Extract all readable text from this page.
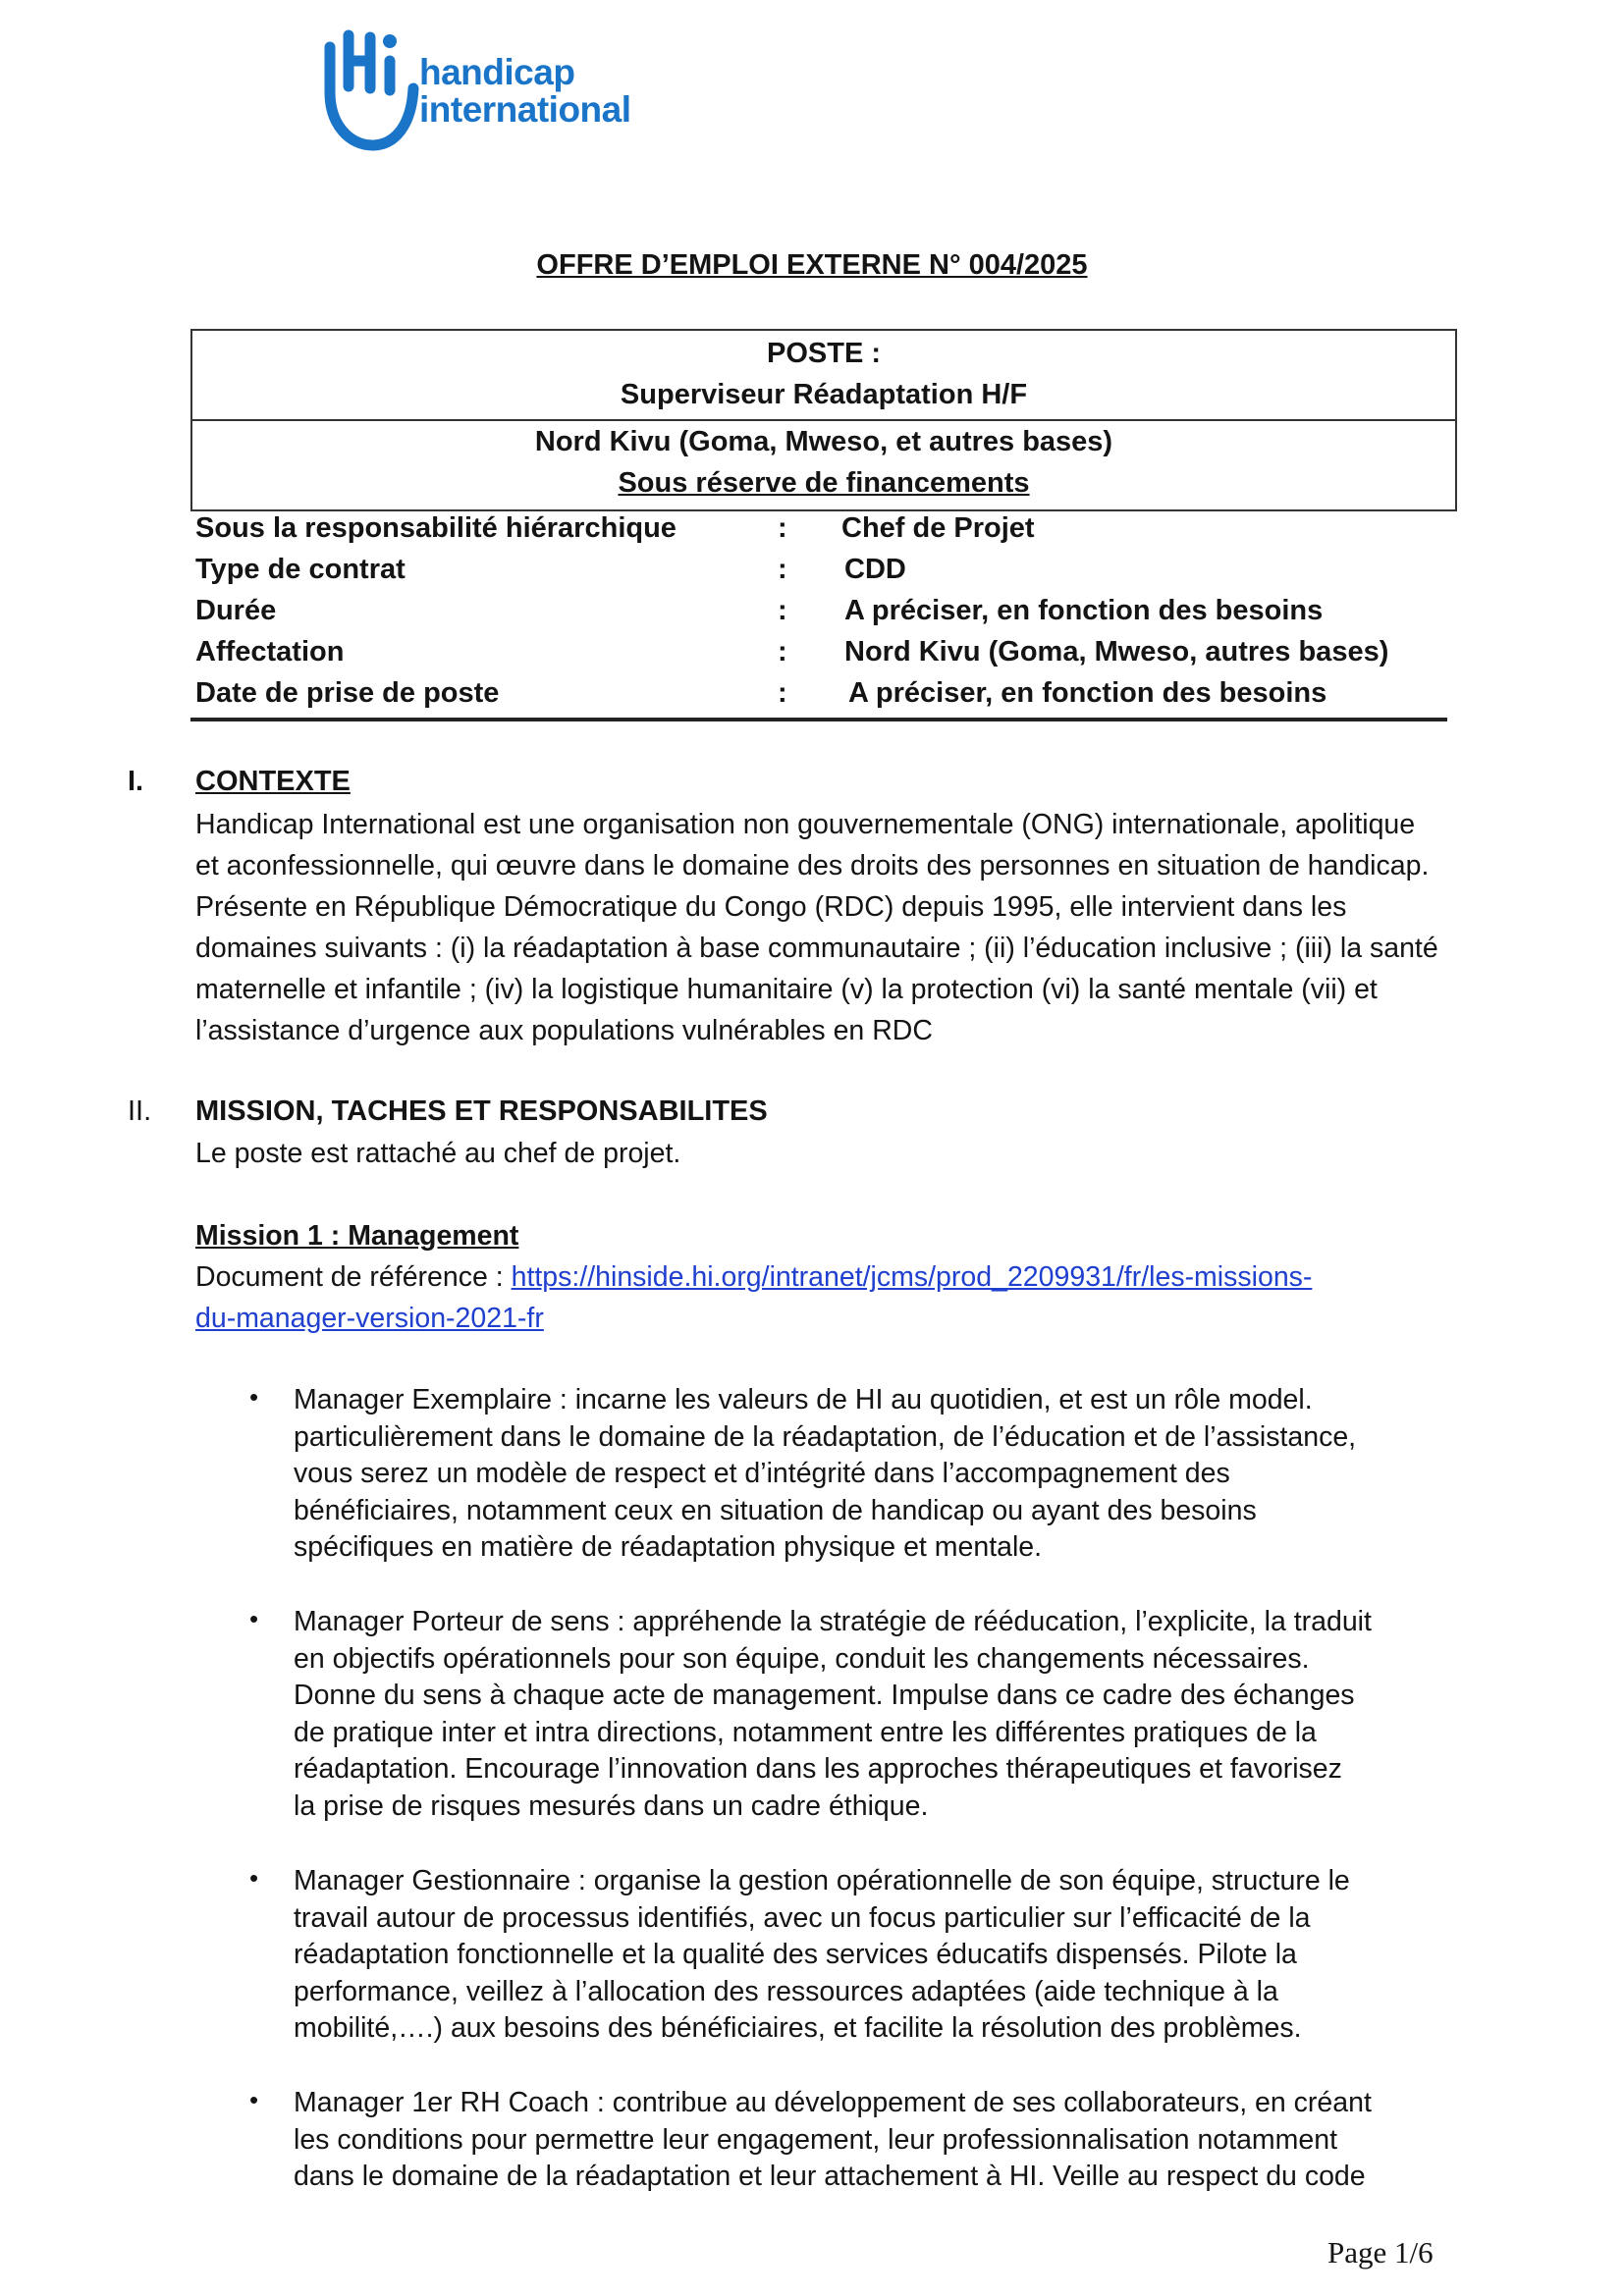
handicap
international
OFFRE D’EMPLOI EXTERNE N° 004/2025
POSTE :
Superviseur Réadaptation H/F
Nord Kivu (Goma, Mweso, et autres bases)
Sous réserve de financements
Sous la responsabilité hiérarchique	: Chef de Projet
Type de contrat	: CDD
Durée	: A préciser, en fonction des besoins
Affectation	: Nord Kivu (Goma, Mweso, autres bases)
Date de prise de poste	: A préciser, en fonction des besoins
I. CONTEXTE
Handicap International est une organisation non gouvernementale (ONG) internationale, apolitique
et aconfessionnelle, qui œuvre dans le domaine des droits des personnes en situation de handicap.
Présente en République Démocratique du Congo (RDC) depuis 1995, elle intervient dans les
domaines suivants : (i) la réadaptation à base communautaire ; (ii) l’éducation inclusive ; (iii) la santé
maternelle et infantile ; (iv) la logistique humanitaire (v) la protection (vi) la santé mentale (vii) et
l’assistance d’urgence aux populations vulnérables en RDC
II. MISSION, TACHES ET RESPONSABILITES
Le poste est rattaché au chef de projet.
Mission 1 : Management
Document de référence : https://hinside.hi.org/intranet/jcms/prod_2209931/fr/les-missions-
du-manager-version-2021-fr
• Manager Exemplaire : incarne les valeurs de HI au quotidien, et est un rôle model.
particulièrement dans le domaine de la réadaptation, de l’éducation et de l’assistance,
vous serez un modèle de respect et d’intégrité dans l’accompagnement des
bénéficiaires, notamment ceux en situation de handicap ou ayant des besoins
spécifiques en matière de réadaptation physique et mentale.
• Manager Porteur de sens : appréhende la stratégie de rééducation, l’explicite, la traduit
en objectifs opérationnels pour son équipe, conduit les changements nécessaires.
Donne du sens à chaque acte de management. Impulse dans ce cadre des échanges
de pratique inter et intra directions, notamment entre les différentes pratiques de la
réadaptation. Encourage l’innovation dans les approches thérapeutiques et favorisez
la prise de risques mesurés dans un cadre éthique.
• Manager Gestionnaire : organise la gestion opérationnelle de son équipe, structure le
travail autour de processus identifiés, avec un focus particulier sur l’efficacité de la
réadaptation fonctionnelle et la qualité des services éducatifs dispensés. Pilote la
performance, veillez à l’allocation des ressources adaptées (aide technique à la
mobilité,….) aux besoins des bénéficiaires, et facilite la résolution des problèmes.
• Manager 1er RH Coach : contribue au développement de ses collaborateurs, en créant
les conditions pour permettre leur engagement, leur professionnalisation notamment
dans le domaine de la réadaptation et leur attachement à HI. Veille au respect du code
Page 1/6
